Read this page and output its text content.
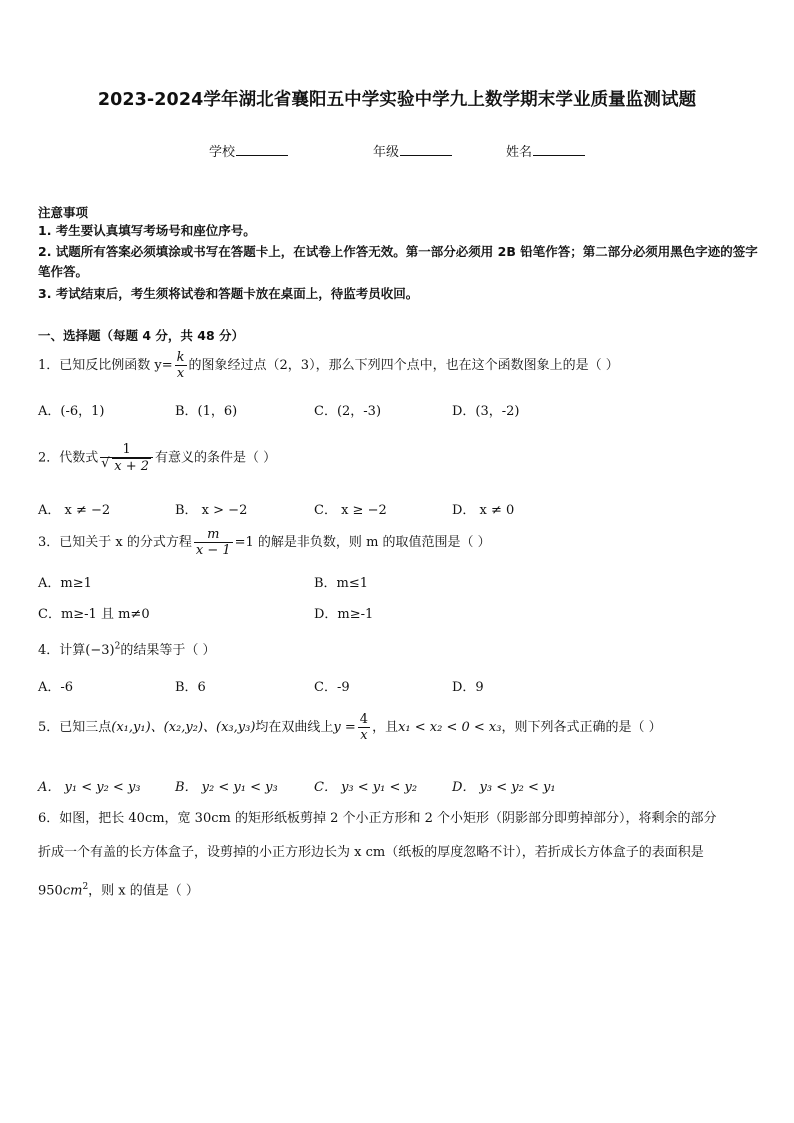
2023-2024学年湖北省襄阳五中学实验中学九上数学期末学业质量监测试题
学校	年级	姓名
注意事项
1. 考生要认真填写考场号和座位序号。
2. 试题所有答案必须填涂或书写在答题卡上，在试卷上作答无效。第一部分必须用 2B 铅笔作答；第二部分必须用黑色字迹的签字笔作答。
3. 考试结束后，考生须将试卷和答题卡放在桌面上，待监考员收回。
一、选择题（每题 4 分，共 48 分）
1．已知反比例函数 $y= \frac{k}{x}$ 的图象经过点（2，3），那么下列四个点中，也在这个函数图象上的是（ ）
A．(-6，1)	B．(1，6)	C．(2，-3)	D．(3，-2)
2．代数式 1
√ x + 2 有意义的条件是（ ）
A． x ≠ −2	B． x > −2	C． x ≥ −2	D． x ≠ 0
3．已知关于 x 的分式方程 $\frac{m}{x - 1} =1$ 的解是非负数，则 m 的取值范围是（ ）
A．m≥1	B．m≤1
C．m≥-1 且 m≠0	D．m≥-1
4．计算$(-3)^2$的结果等于（ ）
A．-6	B．6	C．-9	D．9
5．已知三点(x₁,y₁)、(x₂,y₂)、(x₃,y₃)均在双曲线上$y = \frac{4}{x}$ ，且x₁ < x₂ < 0 < x₃，则下列各式正确的是（ ）
A． y₁ < y₂ < y₃	B． y₂ < y₁ < y₃	C． y₃ < y₁ < y₂	D． y₃ < y₂ < y₁
6．如图，把长 40cm，宽 30cm 的矩形纸板剪掉 2 个小正方形和 2 个小矩形（阴影部分即剪掉部分），将剩余的部分
折成一个有盖的长方体盒子，设剪掉的小正方形边长为 x cm（纸板的厚度忽略不计），若折成长方体盒子的表面积是
$950cm^2$，则 x 的值是（ ）
